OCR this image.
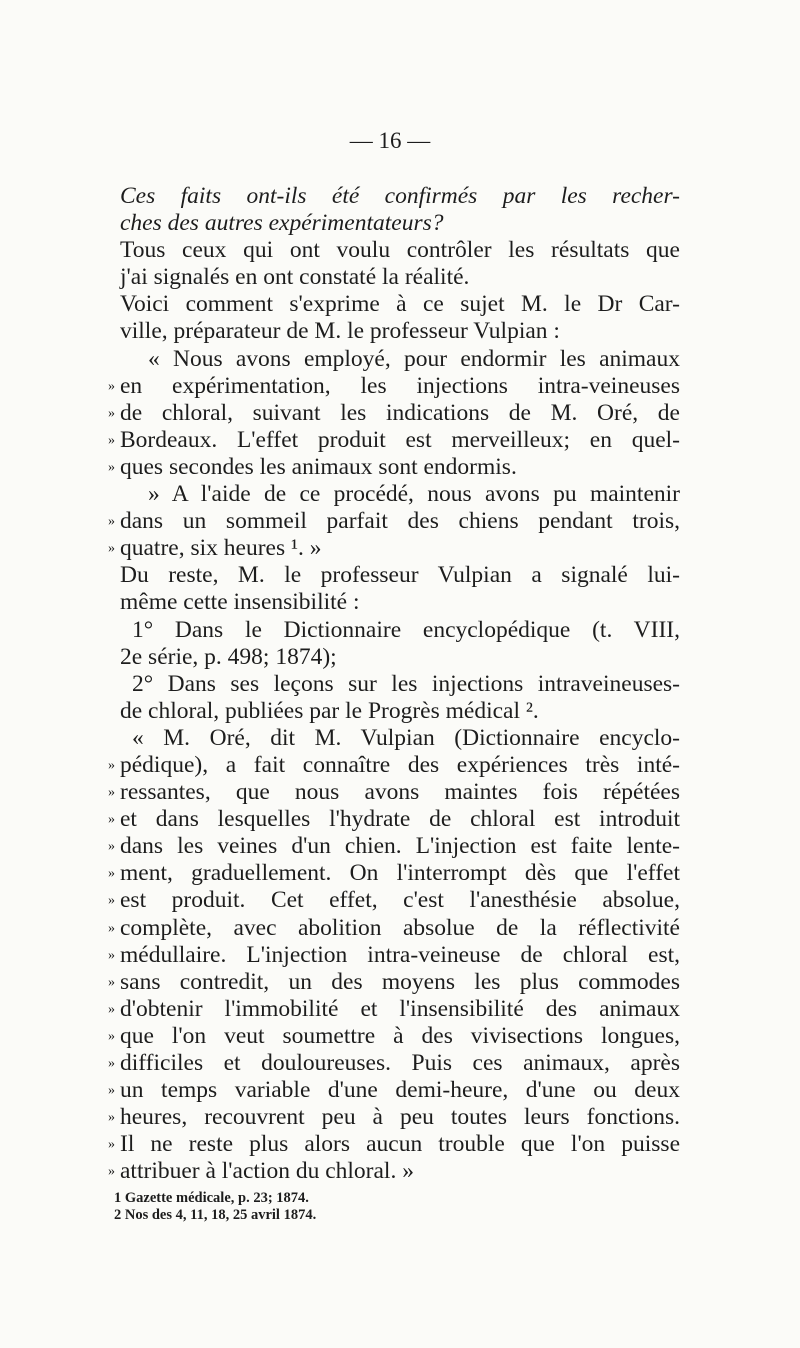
— 16 —
Ces faits ont-ils été confirmés par les recher-
ches des autres expérimentateurs?
Tous ceux qui ont voulu contrôler les résultats que
j'ai signalés en ont constaté la réalité.
Voici comment s'exprime à ce sujet M. le Dr Car-
ville, préparateur de M. le professeur Vulpian :
« Nous avons employé, pour endormir les animaux
» en expérimentation, les injections intra-veineuses
» de chloral, suivant les indications de M. Oré, de
» Bordeaux. L'effet produit est merveilleux; en quel-
» ques secondes les animaux sont endormis.
» A l'aide de ce procédé, nous avons pu maintenir
» dans un sommeil parfait des chiens pendant trois,
» quatre, six heures ¹. »
Du reste, M. le professeur Vulpian a signalé lui-
même cette insensibilité :
1° Dans le Dictionnaire encyclopédique (t. VIII,
2e série, p. 498; 1874);
2° Dans ses leçons sur les injections intraveineuses-
de chloral, publiées par le Progrès médical ².
« M. Oré, dit M. Vulpian (Dictionnaire encyclo-
» pédique), a fait connaître des expériences très inté-
» ressantes, que nous avons maintes fois répétées
» et dans lesquelles l'hydrate de chloral est introduit
» dans les veines d'un chien. L'injection est faite lente-
» ment, graduellement. On l'interrompt dès que l'effet
» est produit. Cet effet, c'est l'anesthésie absolue,
» complète, avec abolition absolue de la réflectivité
» médullaire. L'injection intra-veineuse de chloral est,
» sans contredit, un des moyens les plus commodes
» d'obtenir l'immobilité et l'insensibilité des animaux
» que l'on veut soumettre à des vivisections longues,
» difficiles et douloureuses. Puis ces animaux, après
» un temps variable d'une demi-heure, d'une ou deux
» heures, recouvrent peu à peu toutes leurs fonctions.
» Il ne reste plus alors aucun trouble que l'on puisse
» attribuer à l'action du chloral. »
1 Gazette médicale, p. 23; 1874.
2 Nos des 4, 11, 18, 25 avril 1874.
